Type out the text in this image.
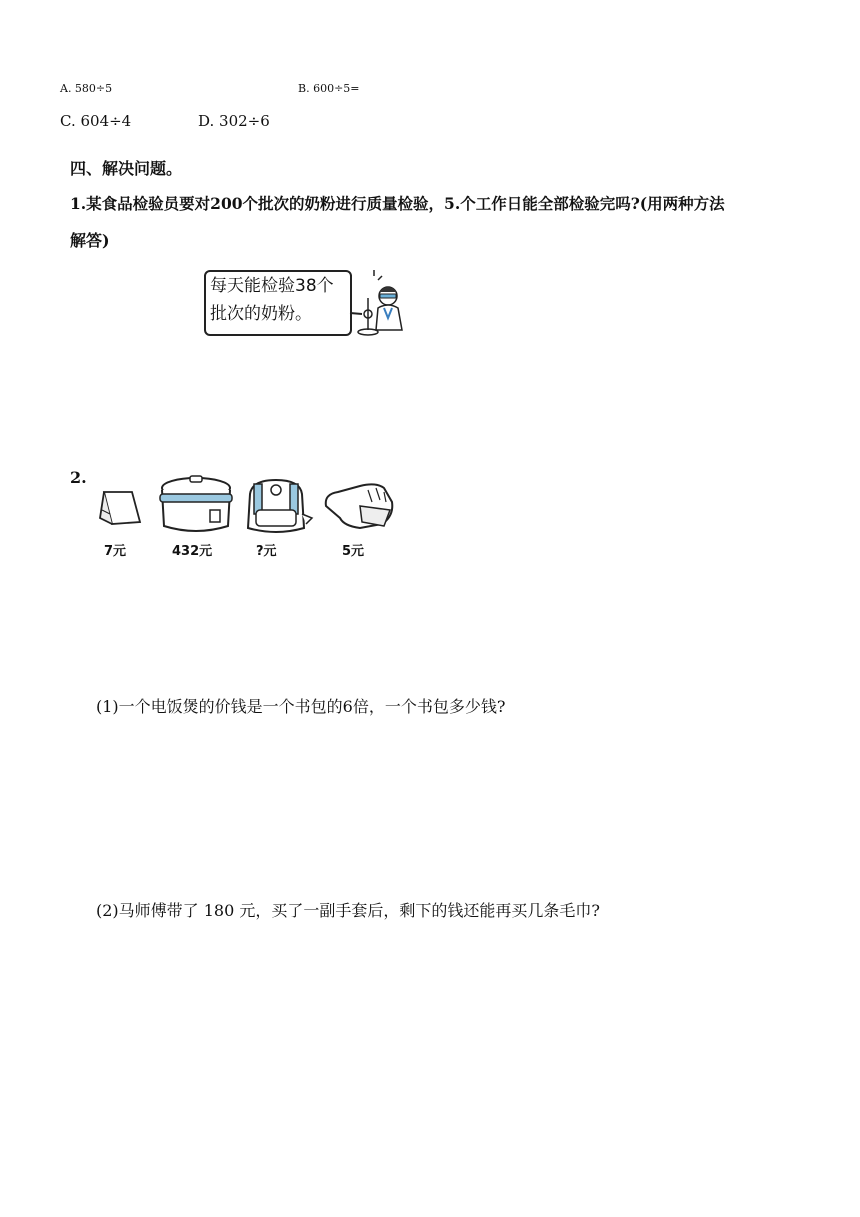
A. 580÷5	B. 600÷5=
C. 604÷4	D. 302÷6
四、解决问题。
1.某食品检验员要对200个批次的奶粉进行质量检验，5.个工作日能全部检验完吗?(用两种方法
解答)
每天能检验38个
批次的奶粉。
2.
7元	432元	?元	5元
(1)一个电饭煲的价钱是一个书包的6倍，一个书包多少钱?
(2)马师傅带了 180 元，买了一副手套后，剩下的钱还能再买几条毛巾?
